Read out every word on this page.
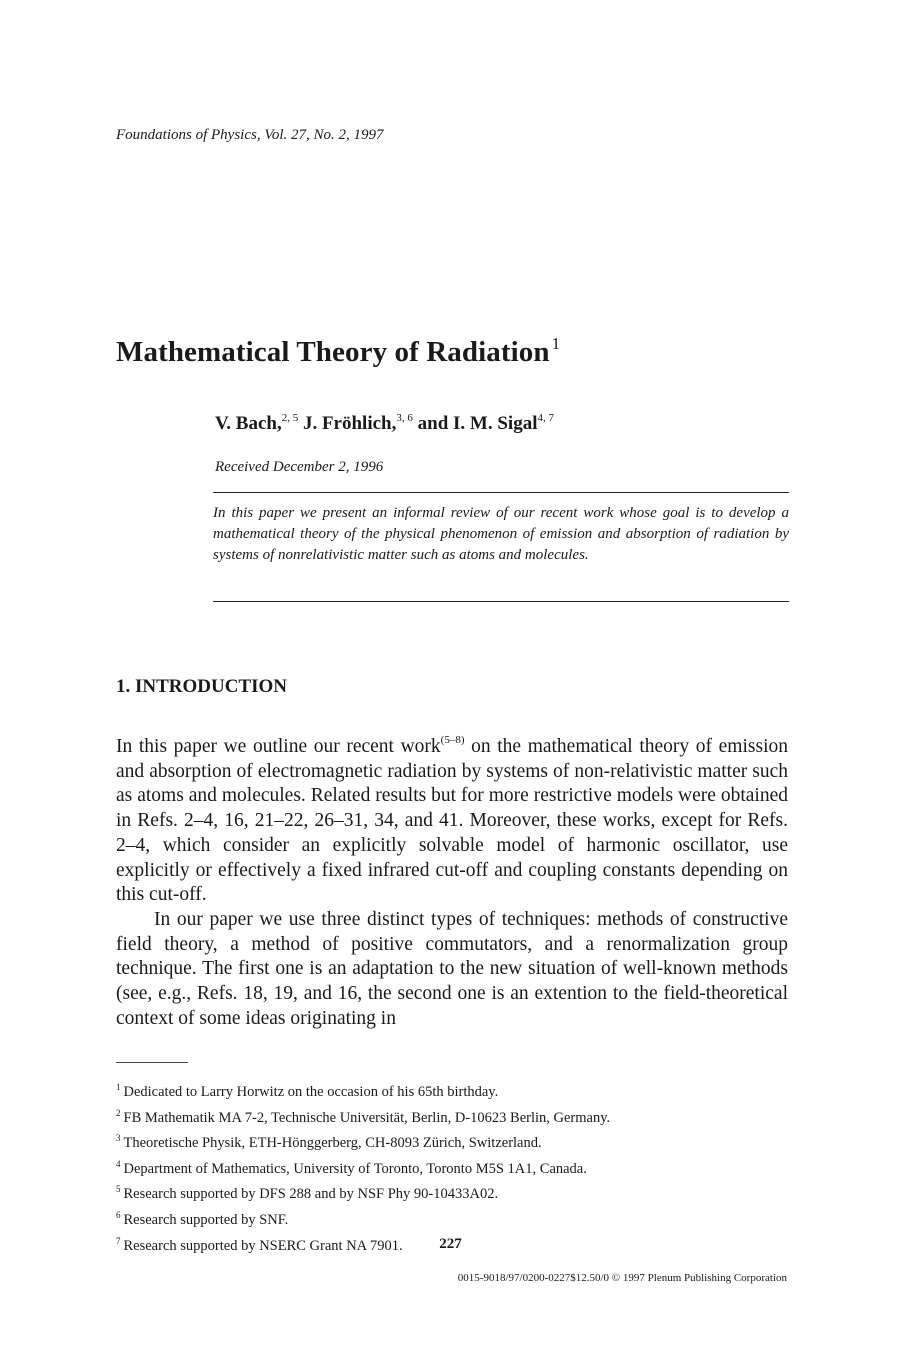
Foundations of Physics, Vol. 27, No. 2, 1997
Mathematical Theory of Radiation $^1$
V. Bach,$^{2, 5}$ J. Fröhlich,$^{3, 6}$ and I. M. Sigal$^{4, 7}$
Received December 2, 1996
In this paper we present an informal review of our recent work whose goal is to develop a mathematical theory of the physical phenomenon of emission and absorption of radiation by systems of nonrelativistic matter such as atoms and molecules.
1. INTRODUCTION

In this paper we outline our recent work$^{(5-8)}$ on the mathematical theory of emission and absorption of electromagnetic radiation by systems of non-relativistic matter such as atoms and molecules. Related results but for more restrictive models were obtained in Refs. 2–4, 16, 21–22, 26–31, 34, and 41. Moreover, these works, except for Refs. 2–4, which consider an explicitly solvable model of harmonic oscillator, use explicitly or effectively a fixed infrared cut-off and coupling constants depending on this cut-off.

In our paper we use three distinct types of techniques: methods of constructive field theory, a method of positive commutators, and a renormalization group technique. The first one is an adaptation to the new situation of well-known methods (see, e.g., Refs. 18, 19, and 16, the second one is an extention to the field-theoretical context of some ideas originating in

$^1$ Dedicated to Larry Horwitz on the occasion of his 65th birthday.
$^2$ FB Mathematik MA 7-2, Technische Universität, Berlin, D-10623 Berlin, Germany.
$^3$ Theoretische Physik, ETH-Hönggerberg, CH-8093 Zürich, Switzerland.
$^4$ Department of Mathematics, University of Toronto, Toronto M5S 1A1, Canada.
$^5$ Research supported by DFS 288 and by NSF Phy 90-10433A02.
$^6$ Research supported by SNF.
$^7$ Research supported by NSERC Grant NA 7901.	227
0015-9018/97/0200-0227$12.50/0 © 1997 Plenum Publishing Corporation
